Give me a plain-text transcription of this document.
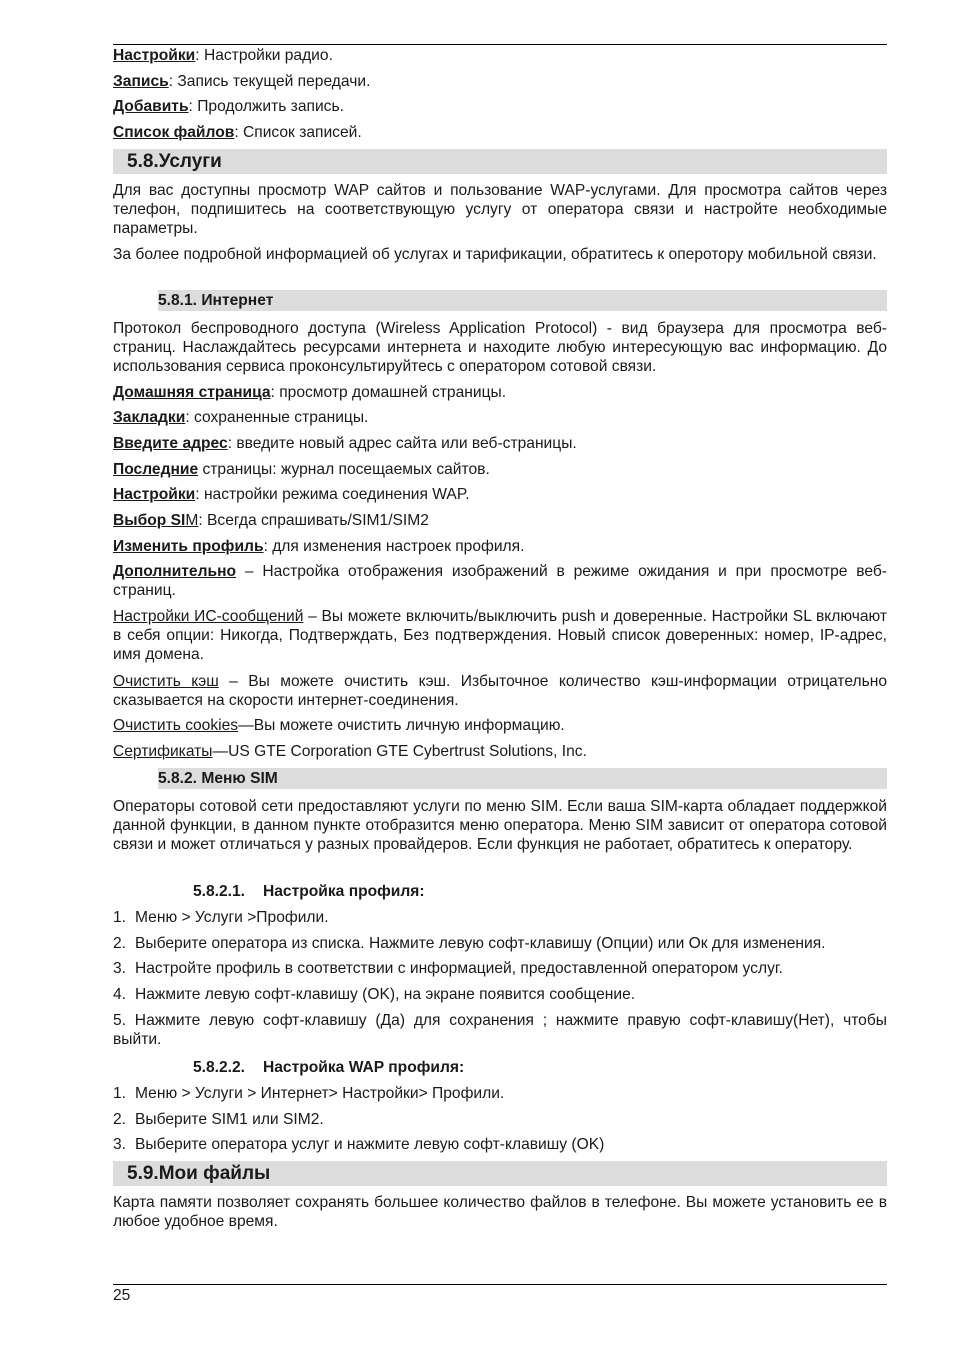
Настройки: Настройки радио.
Запись: Запись текущей передачи.
Добавить: Продолжить запись.
Список файлов: Список записей.
5.8.Услуги
Для вас доступны просмотр WAP сайтов и пользование WAP-услугами. Для просмотра сайтов через телефон, подпишитесь на соответствующую услугу от оператора связи и настройте необходимые параметры.
За более подробной информацией об услугах и тарификации, обратитесь к оперотору мобильной связи.
5.8.1. Интернет
Протокол беспроводного доступа (Wireless Application Protocol) - вид браузера для просмотра веб-страниц. Наслаждайтесь ресурсами интернета и находите любую интересующую вас информацию. До использования сервиса проконсультируйтесь с оператором сотовой связи.
Домашняя страница: просмотр домашней страницы.
Закладки: сохраненные страницы.
Введите адрес: введите новый адрес сайта или веб-страницы.
Последние страницы: журнал посещаемых сайтов.
Настройки: настройки режима соединения WAP.
Выбор SIM: Всегда спрашивать/SIM1/SIM2
Изменить профиль: для изменения настроек профиля.
Дополнительно – Настройка отображения изображений в режиме ожидания и при просмотре веб-страниц.
Настройки ИС-сообщений – Вы можете включить/выключить push и доверенные. Настройки SL включают в себя опции: Никогда, Подтверждать, Без подтверждения. Новый список доверенных: номер, IP-адрес, имя домена.
Очистить кэш – Вы можете очистить кэш. Избыточное количество кэш-информации отрицательно сказывается на скорости интернет-соединения.
Очистить cookies—Вы можете очистить личную информацию.
Сертификаты—US GTE Corporation GTE Cybertrust Solutions, Inc.
5.8.2. Меню SIM
Операторы сотовой сети предоставляют услуги по меню SIM. Если ваша SIM-карта обладает поддержкой данной функции, в данном пункте отобразится меню оператора. Меню SIM зависит от оператора сотовой связи и может отличаться у разных провайдеров. Если функция не работает, обратитесь к оператору.
5.8.2.1. Настройка профиля:
1. Меню > Услуги >Профили.
2. Выберите оператора из списка. Нажмите левую софт-клавишу (Опции) или Ок для изменения.
3. Настройте профиль в соответствии с информацией, предоставленной оператором услуг.
4. Нажмите левую софт-клавишу (OK), на экране появится сообщение.
5. Нажмите левую софт-клавишу (Да) для сохранения ; нажмите правую софт-клавишу(Нет), чтобы выйти.
5.8.2.2. Настройка WAP профиля:
1. Меню > Услуги > Интернет> Настройки> Профили.
2. Выберите SIM1 или SIM2.
3. Выберите оператора услуг и нажмите левую софт-клавишу (OK)
5.9.Мои файлы
Карта памяти позволяет сохранять большее количество файлов в телефоне. Вы можете установить ее в любое удобное время.
25
